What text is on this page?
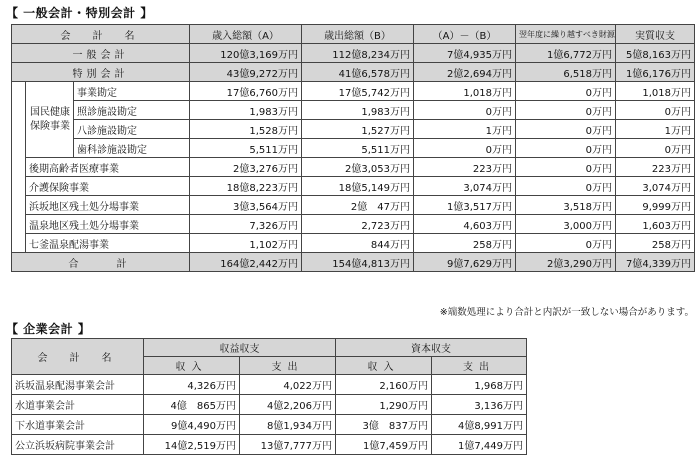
【 一般会計・特別会計 】
会　計　名			歳入総額（A）	歳出総額（B）	（A）－（B）	翌年度に繰り越すべき財源	実質収支
一般会計			120億3,169万円	112億8,234万円	7億4,935万円	1億6,772万円	5億8,163万円
特別会計			43億9,272万円	41億6,578万円	2億2,694万円	6,518万円	1億6,176万円
	国民健康保険事業	事業勘定	17億6,760万円	17億5,742万円	1,018万円	0万円	1,018万円
		照診施設勘定	1,983万円	1,983万円	0万円	0万円	0万円
		八診施設勘定	1,528万円	1,527万円	1万円	0万円	1万円
		歯科診施設勘定	5,511万円	5,511万円	0万円	0万円	0万円
	後期高齢者医療事業		2億3,276万円	2億3,053万円	223万円	0万円	223万円
	介護保険事業		18億8,223万円	18億5,149万円	3,074万円	0万円	3,074万円
	浜坂地区残土処分場事業		3億3,564万円	2億　47万円	1億3,517万円	3,518万円	9,999万円
	温泉地区残土処分場事業		7,326万円	2,723万円	4,603万円	3,000万円	1,603万円
	七釜温泉配湯事業		1,102万円	844万円	258万円	0万円	258万円
合　　計			164億2,442万円	154億4,813万円	9億7,629万円	2億3,290万円	7億4,339万円
※端数処理により合計と内訳が一致しない場合があります。
【 企業会計 】
会　計　名	収益収支		資本収支	
	収入	支出	収入	支出
浜坂温泉配湯事業会計	4,326万円	4,022万円	2,160万円	1,968万円
水道事業会計	4億　865万円	4億2,206万円	1,290万円	3,136万円
下水道事業会計	9億4,490万円	8億1,934万円	3億　837万円	4億8,991万円
公立浜坂病院事業会計	14億2,519万円	13億7,777万円	1億7,459万円	1億7,449万円
